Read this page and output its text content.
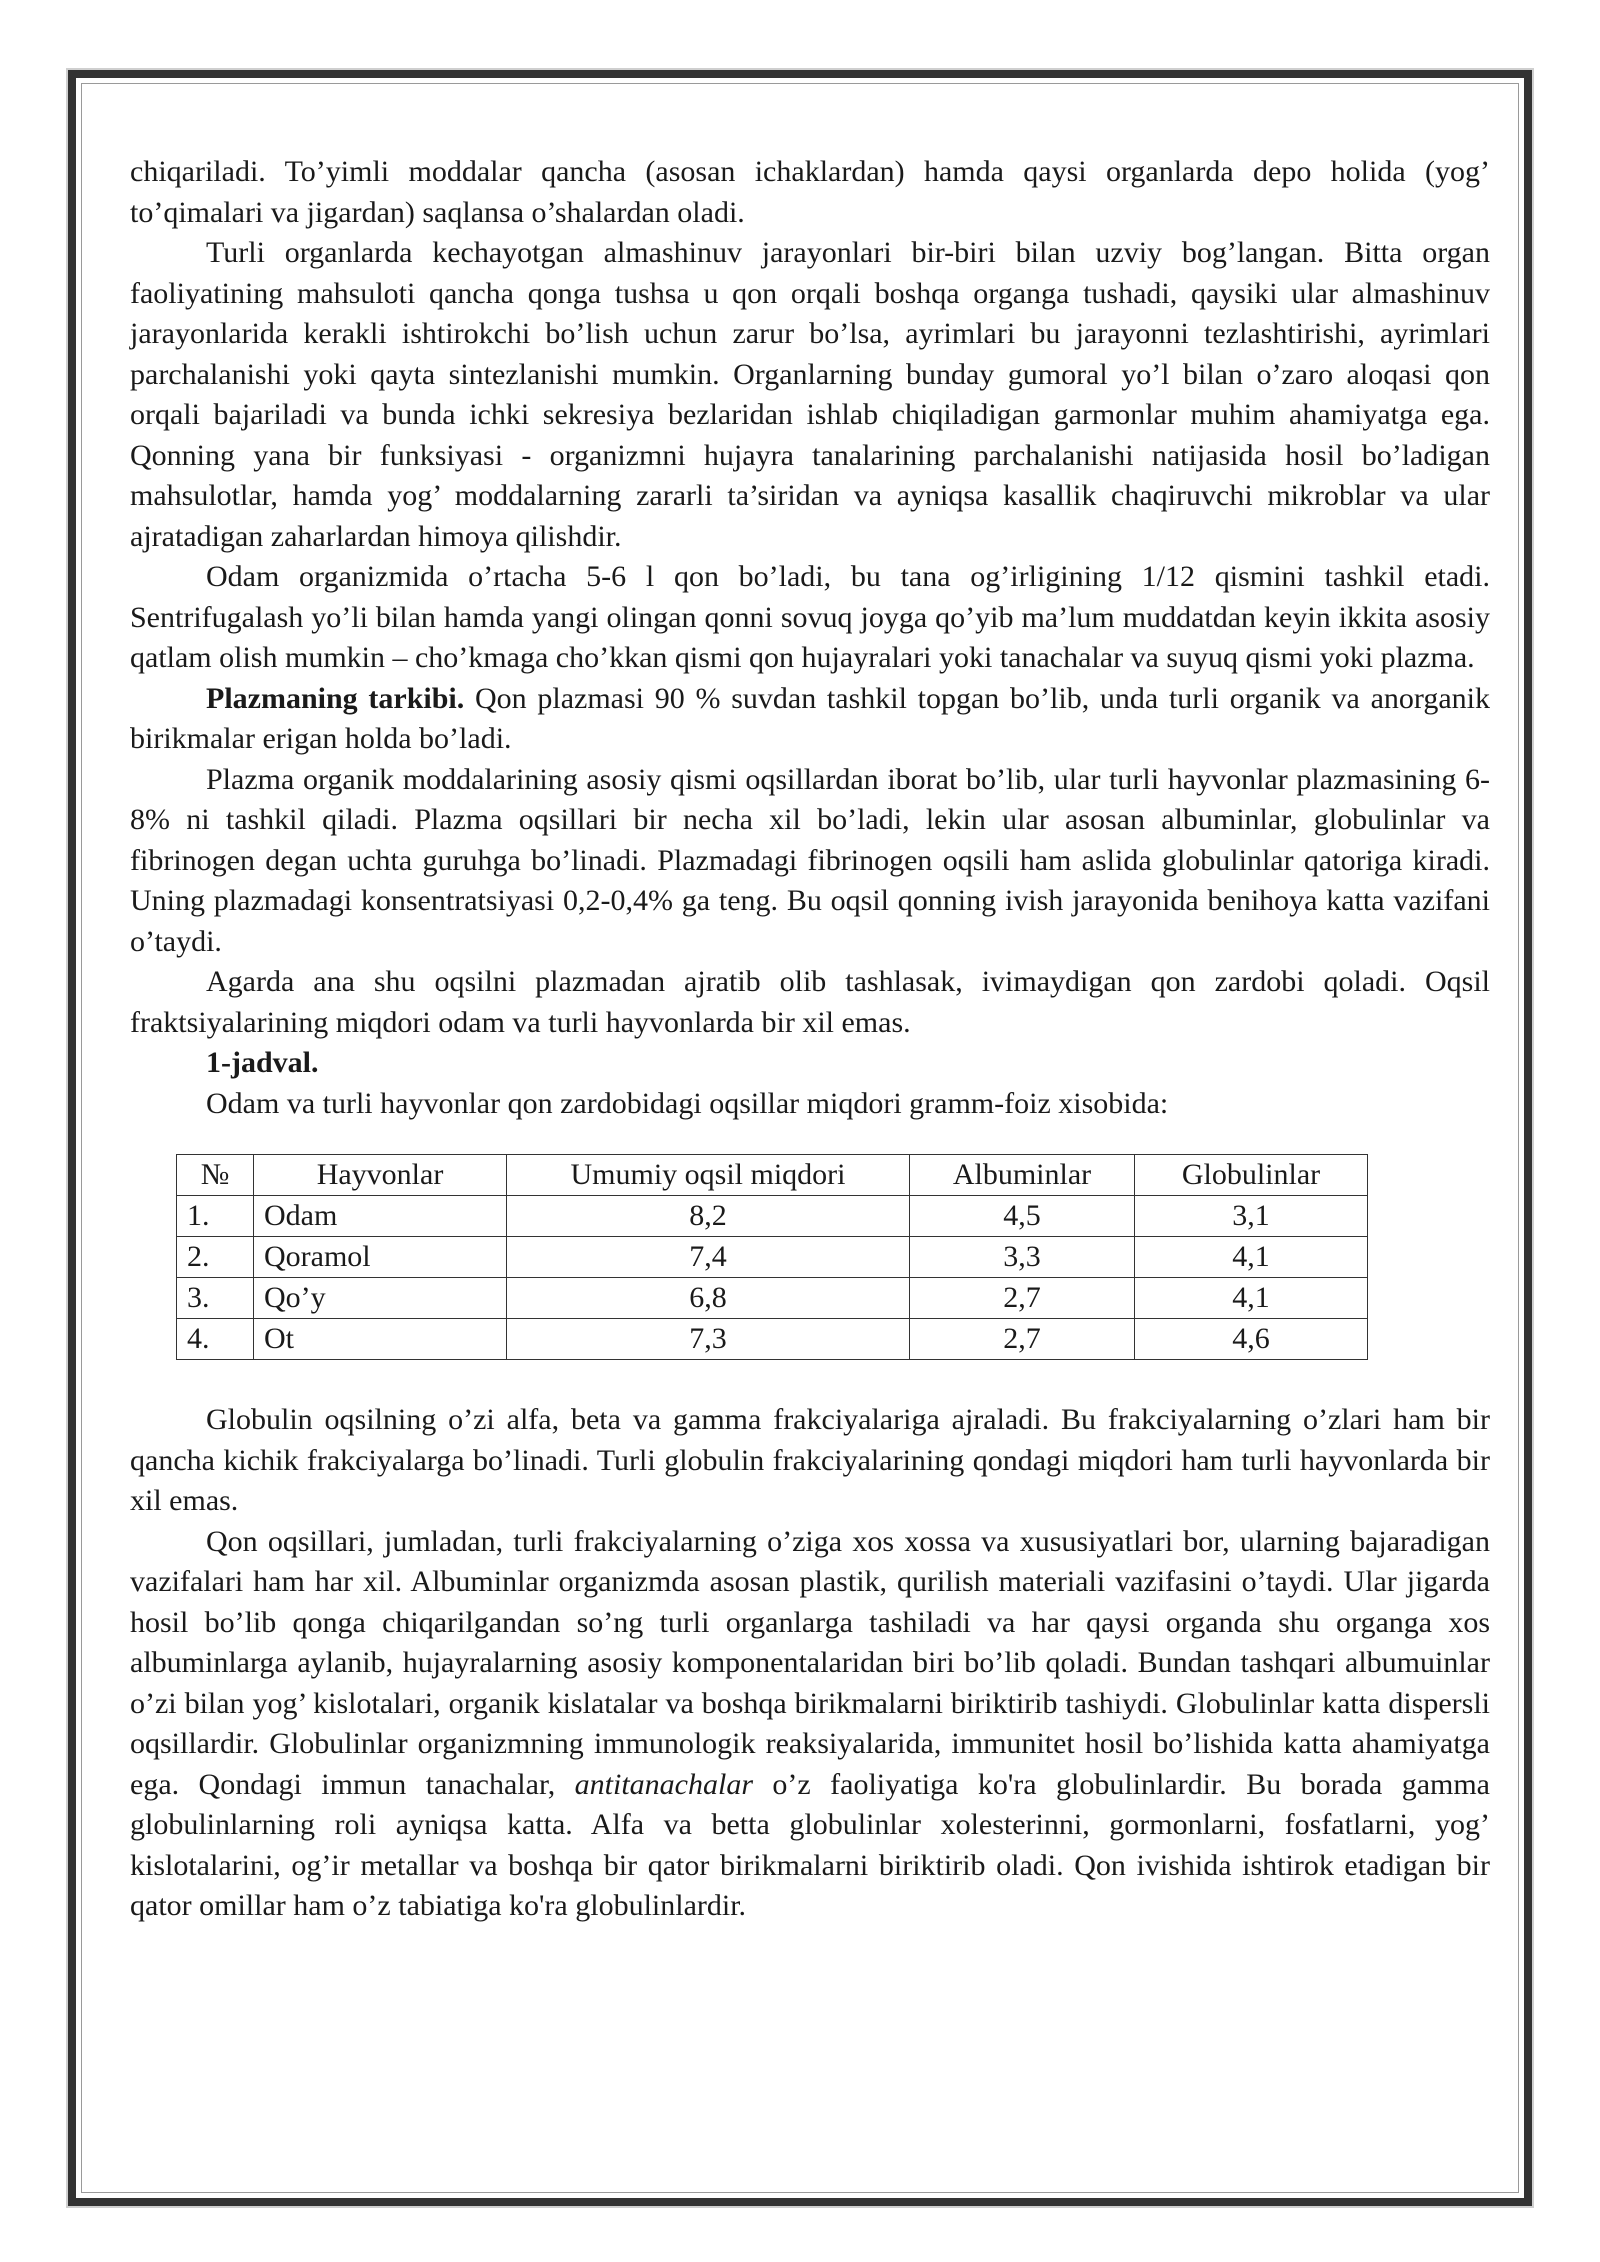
chiqariladi. To’yimli moddalar qancha (asosan ichaklardan) hamda qaysi organlarda depo holida (yog’ to’qimalari va jigardan) saqlansa o’shalardan oladi.

Turli organlarda kechayotgan almashinuv jarayonlari bir-biri bilan uzviy bog’langan. Bitta organ faoliyatining mahsuloti qancha qonga tushsa u qon orqali boshqa organga tushadi, qaysiki ular almashinuv jarayonlarida kerakli ishtirokchi bo’lish uchun zarur bo’lsa, ayrimlari bu jarayonni tezlashtirishi, ayrimlari parchalanishi yoki qayta sintezlanishi mumkin. Organlarning bunday gumoral yo’l bilan o’zaro aloqasi qon orqali bajariladi va bunda ichki sekresiya bezlaridan ishlab chiqiladigan garmonlar muhim ahamiyatga ega. Qonning yana bir funksiyasi - organizmni hujayra tanalarining parchalanishi natijasida hosil bo’ladigan mahsulotlar, hamda yog’ moddalarning zararli ta’siridan va ayniqsa kasallik chaqiruvchi mikroblar va ular ajratadigan zaharlardan himoya qilishdir.

Odam organizmida o’rtacha 5-6 l qon bo’ladi, bu tana og’irligining 1/12 qismini tashkil etadi. Sentrifugalash yo’li bilan hamda yangi olingan qonni sovuq joyga qo’yib ma’lum muddatdan keyin ikkita asosiy qatlam olish mumkin – cho’kmaga cho’kkan qismi qon hujayralari yoki tanachalar va suyuq qismi yoki plazma.

Plazmaning tarkibi. Qon plazmasi 90 % suvdan tashkil topgan bo’lib, unda turli organik va anorganik birikmalar erigan holda bo’ladi.

Plazma organik moddalarining asosiy qismi oqsillardan iborat bo’lib, ular turli hayvonlar plazmasining 6-8% ni tashkil qiladi. Plazma oqsillari bir necha xil bo’ladi, lekin ular asosan albuminlar, globulinlar va fibrinogen degan uchta guruhga bo’linadi. Plazmadagi fibrinogen oqsili ham aslida globulinlar qatoriga kiradi. Uning plazmadagi konsentratsiyasi 0,2-0,4% ga teng. Bu oqsil qonning ivish jarayonida benihoya katta vazifani o’taydi.

Agarda ana shu oqsilni plazmadan ajratib olib tashlasak, ivimaydigan qon zardobi qoladi. Oqsil fraktsiyalarining miqdori odam va turli hayvonlarda bir xil emas.

1-jadval.

Odam va turli hayvonlar qon zardobidagi oqsillar miqdori gramm-foiz xisobida:

№	Hayvonlar	Umumiy oqsil miqdori	Albuminlar	Globulinlar
1.	Odam	8,2	4,5	3,1
2.	Qoramol	7,4	3,3	4,1
3.	Qo’y	6,8	2,7	4,1
4.	Ot	7,3	2,7	4,6

Globulin oqsilning o’zi alfa, beta va gamma frakciyalariga ajraladi. Bu frakciyalarning o’zlari ham bir qancha kichik frakciyalarga bo’linadi. Turli globulin frakciyalarining qondagi miqdori ham turli hayvonlarda bir xil emas.

Qon oqsillari, jumladan, turli frakciyalarning o’ziga xos xossa va xususiyatlari bor, ularning bajaradigan vazifalari ham har xil. Albuminlar organizmda asosan plastik, qurilish materiali vazifasini o’taydi. Ular jigarda hosil bo’lib qonga chiqarilgandan so’ng turli organlarga tashiladi va har qaysi organda shu organga xos albuminlarga aylanib, hujayralarning asosiy komponentalaridan biri bo’lib qoladi. Bundan tashqari albumuinlar o’zi bilan yog’ kislotalari, organik kislatalar va boshqa birikmalarni biriktirib tashiydi. Globulinlar katta dispersli oqsillardir. Globulinlar organizmning immunologik reaksiyalarida, immunitet hosil bo’lishida katta ahamiyatga ega. Qondagi immun tanachalar, antitanachalar o’z faoliyatiga ko'ra globulinlardir. Bu borada gamma globulinlarning roli ayniqsa katta. Alfa va betta globulinlar xolesterinni, gormonlarni, fosfatlarni, yog’ kislotalarini, og’ir metallar va boshqa bir qator birikmalarni biriktirib oladi. Qon ivishida ishtirok etadigan bir qator omillar ham o’z tabiatiga ko'ra globulinlardir.
